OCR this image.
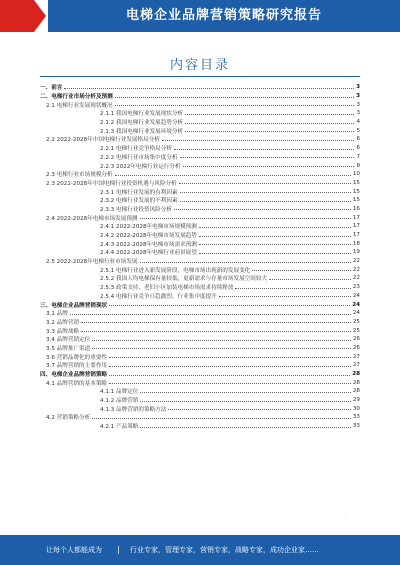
电梯企业品牌营销策略研究报告
内容目录
一、前言	3
二、电梯行业市场分析及预测	3
2.1 电梯行业发展现状概况	3
2.1.1 我国电梯行业发展现状分析	3
2.1.2 我国电梯行业发展趋势分析	4
2.1.3 我国电梯行业发展环境分析	5
2.2 2022-2028年中国电梯行业发展格局分析	6
2.2.1 电梯行业竞争格局分析	6
2.2.2 电梯行业市场集中度分析	7
2.2.3 2022年电梯行业运行分析	8
2.3 电梯行业市场规模分析	10
2.3 2022-2028年中国电梯行业投资机遇与风险分析	15
2.3.1 电梯行业发展的有利因素	15
2.3.2 电梯行业发展的不利因素	15
2.3.3 电梯行业投资风险分析	16
2.4 2022-2028年电梯市场发展预测	17
2.4.1 2022-2028年电梯市场规模预测	17
2.4.2 2022-2028年电梯市场发展趋势	17
2.4.3 2022-2028年电梯市场需求预测	18
2.4.4 2022-2028年电梯行业前景展望	19
2.5 2022-2028年电梯行业市场发展	22
2.5.1 电梯行业进入新发展阶段，电梯市场出现新的发展变化	22
2.5.2 我国人均电梯保有量较低，更新需求与存量市场发展空间较大	22
2.5.3 政策支持，老旧小区加装电梯市场需求持续释放	23
2.5.4 电梯行业竞争日趋激烈，行业集中度提升	24
三、电梯企业品牌营销现状	24
3.1 品牌	24
3.2 品牌营销	25
3.3 品牌战略	25
3.4 品牌营销定位	26
3.5 品牌推广渠道	26
3.6 营销品牌化的重要性	27
3.7 品牌营销的主要作用	27
四、电梯企业品牌营销策略	28
4.1 品牌营销的基本策略	28
4.1.1 品牌定位	28
4.1.2 品牌营销	29
4.1.3 品牌营销的策略方法	30
4.2 营销策略分析	33
4.2.1 产品策略	33
·
让每个人都能成为	行业专家，管理专家，营销专家，战略专家，成功企业家……
